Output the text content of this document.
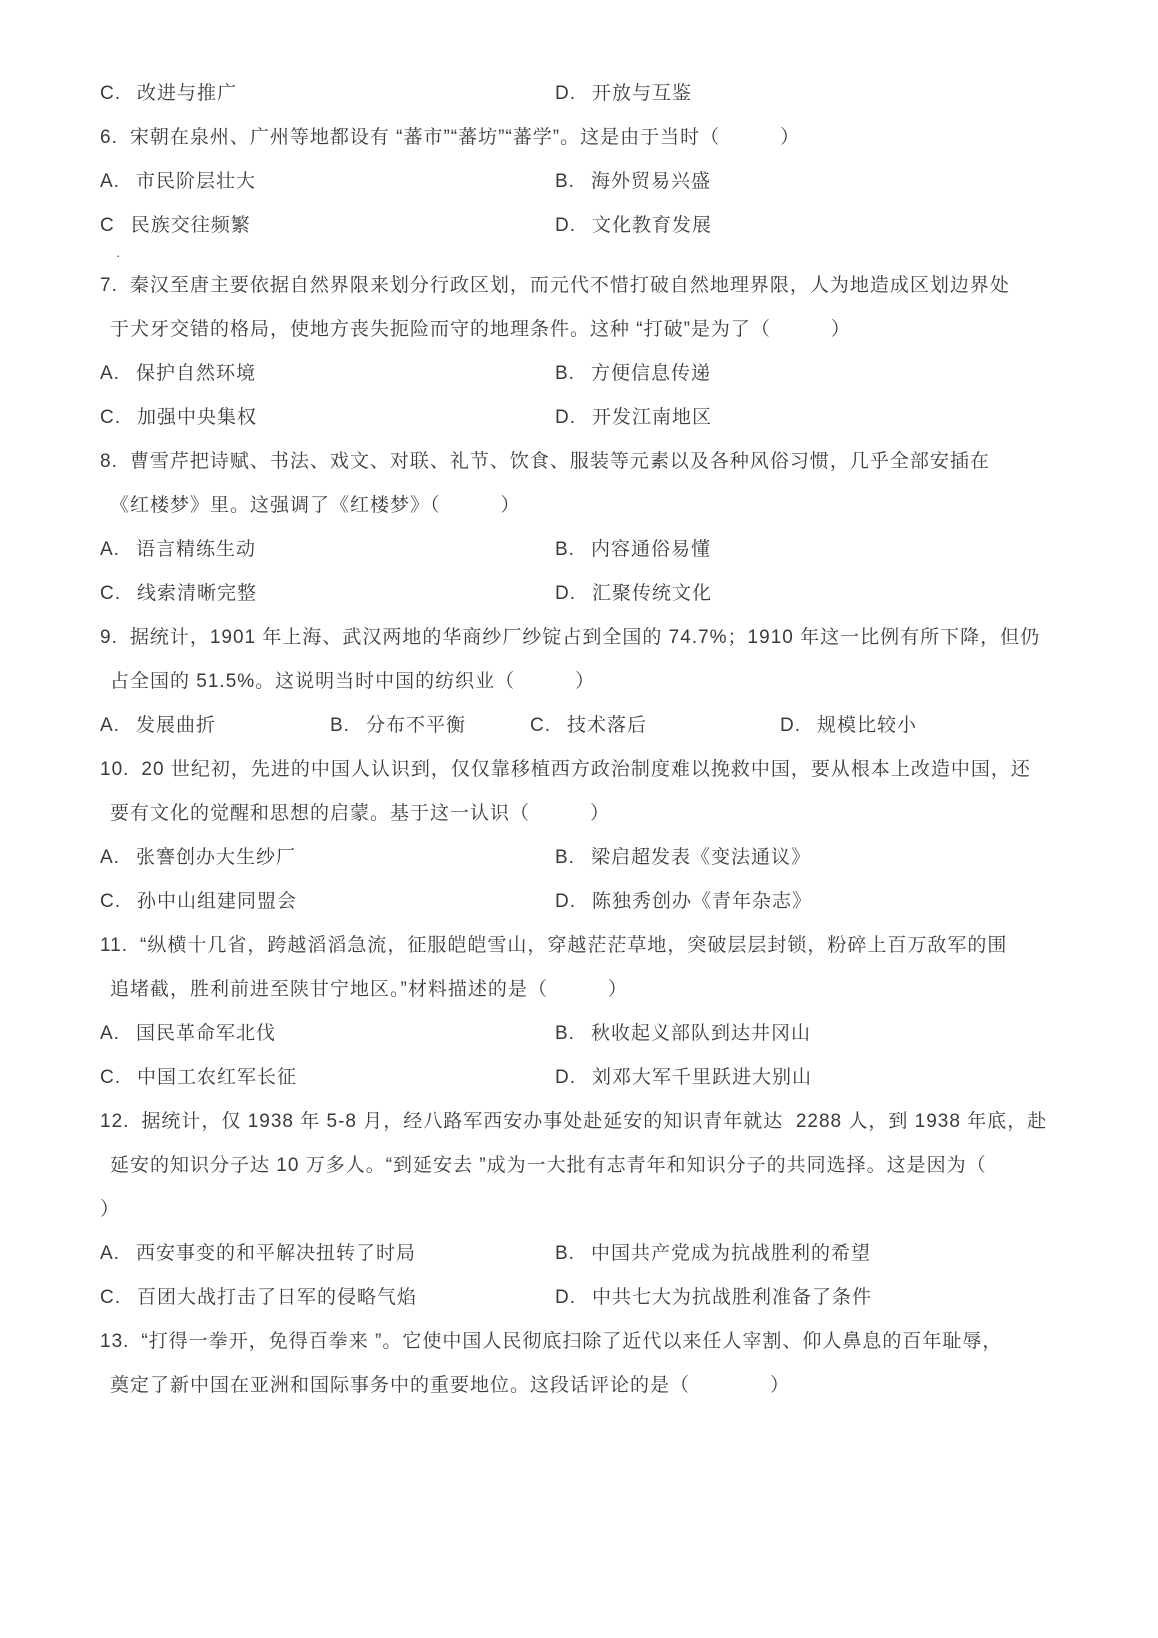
C. 改进与推广	D. 开放与互鉴
6. 宋朝在泉州、广州等地都设有 “蕃市”“蕃坊”“蕃学”。这是由于当时（　　　）
A. 市民阶层壮大	B. 海外贸易兴盛
C 民族交往频繁	D. 文化教育发展
·
7. 秦汉至唐主要依据自然界限来划分行政区划，而元代不惜打破自然地理界限，人为地造成区划边界处
于犬牙交错的格局，使地方丧失扼险而守的地理条件。这种 “打破”是为了（　　　）
A. 保护自然环境	B. 方便信息传递
C. 加强中央集权	D. 开发江南地区
8. 曹雪芹把诗赋、书法、戏文、对联、礼节、饮食、服装等元素以及各种风俗习惯，几乎全部安插在
《红楼梦》里。这强调了《红楼梦》（　　　）
A. 语言精练生动	B. 内容通俗易懂
C. 线索清晰完整	D. 汇聚传统文化
9. 据统计，1901 年上海、武汉两地的华商纱厂纱锭占到全国的 74.7%；1910 年这一比例有所下降，但仍
占全国的 51.5%。这说明当时中国的纺织业（　　　）
A. 发展曲折	B. 分布不平衡	C. 技术落后	D. 规模比较小
10. 20 世纪初，先进的中国人认识到，仅仅靠移植西方政治制度难以挽救中国，要从根本上改造中国，还
要有文化的觉醒和思想的启蒙。基于这一认识（　　　）
A. 张謇创办大生纱厂	B. 梁启超发表《变法通议》
C. 孙中山组建同盟会	D. 陈独秀创办《青年杂志》
11. “纵横十几省，跨越滔滔急流，征服皑皑雪山，穿越茫茫草地，突破层层封锁，粉碎上百万敌军的围
追堵截，胜利前进至陕甘宁地区。”材料描述的是（　　　）
A. 国民革命军北伐	B. 秋收起义部队到达井冈山
C. 中国工农红军长征	D. 刘邓大军千里跃进大别山
12. 据统计，仅 1938 年 5-8 月，经八路军西安办事处赴延安的知识青年就达  2288 人，到 1938 年底，赴
延安的知识分子达 10 万多人。“到延安去 ”成为一大批有志青年和知识分子的共同选择。这是因为（
）
A. 西安事变的和平解决扭转了时局	B. 中国共产党成为抗战胜利的希望
C. 百团大战打击了日军的侵略气焰	D. 中共七大为抗战胜利准备了条件
13. “打得一拳开，免得百拳来 ”。它使中国人民彻底扫除了近代以来任人宰割、仰人鼻息的百年耻辱，
奠定了新中国在亚洲和国际事务中的重要地位。这段话评论的是（　　　　）
